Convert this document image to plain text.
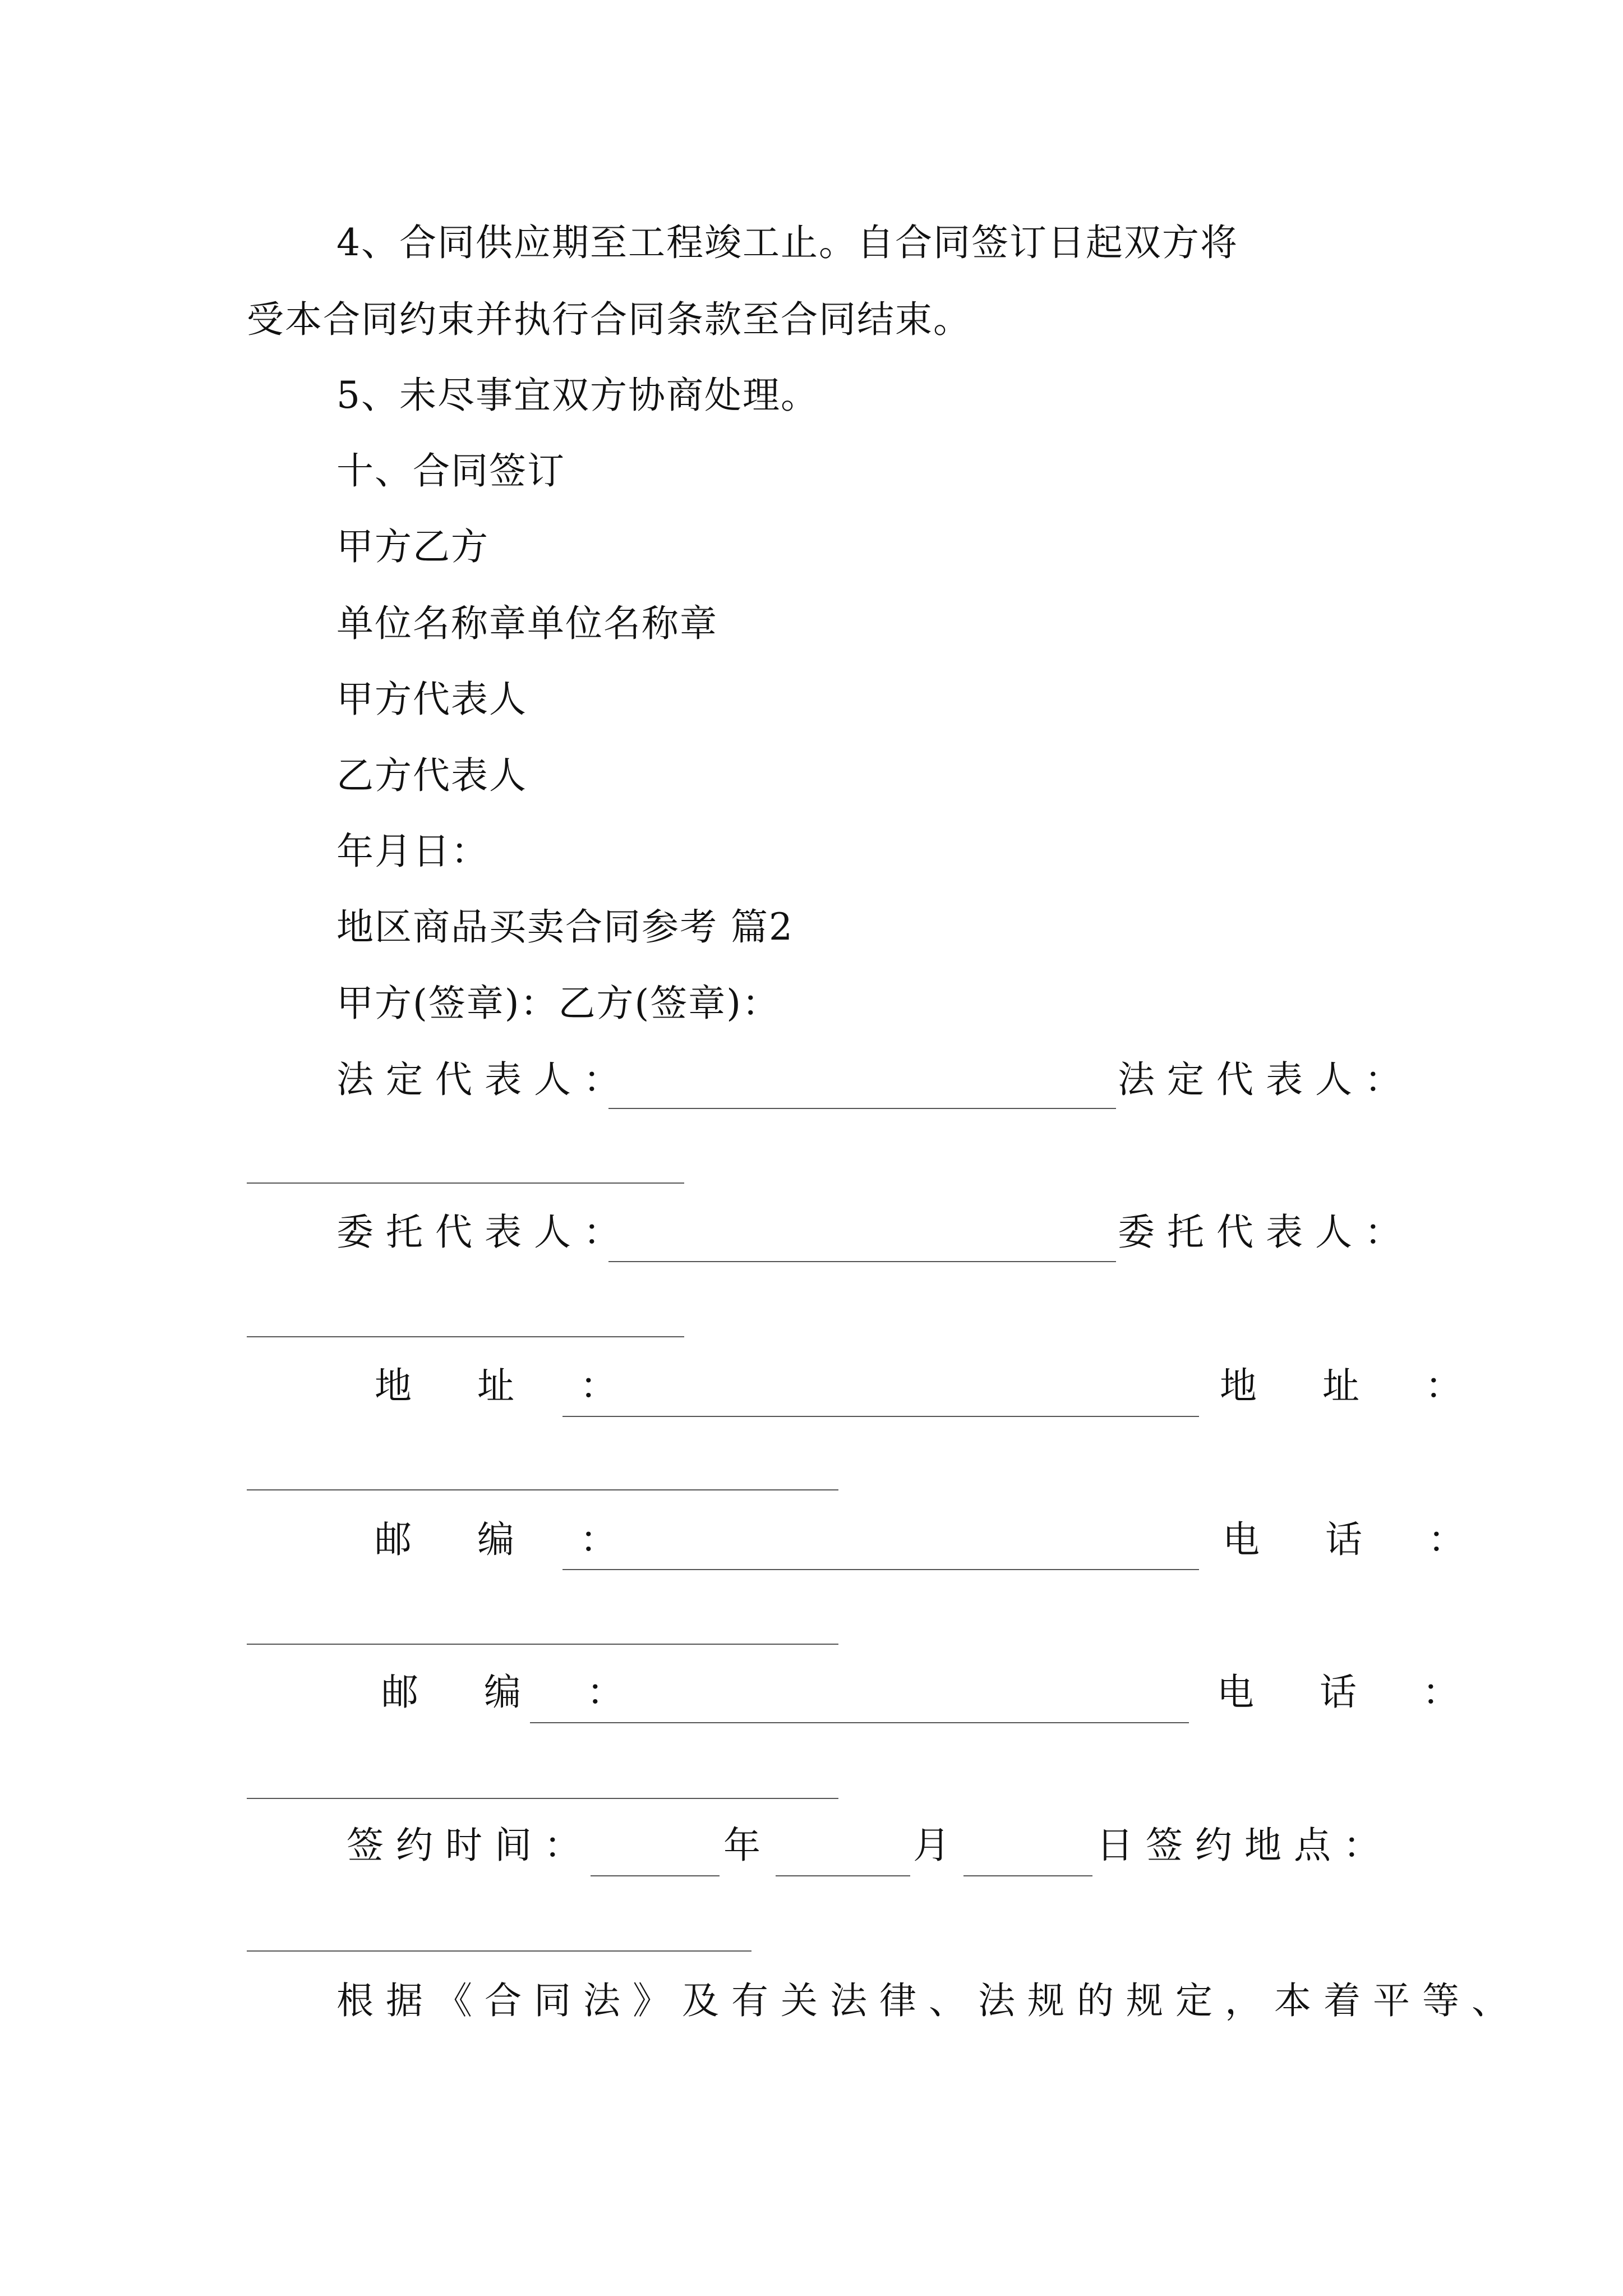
4、合同供应期至工程竣工止。自合同签订日起双方将
受本合同约束并执行合同条款至合同结束。
5、未尽事宜双方协商处理。
十、合同签订
甲方乙方
单位名称章单位名称章
甲方代表人
乙方代表人
年月日：
地区商品买卖合同参考 篇2
甲方(签章)：乙方(签章)：
法定代表人：	法定代表人：
委托代表人：	委托代表人：
地 址 ：	地 址 ：
邮 编 ：	电 话 ：
邮 编 ：	电 话 ：
签约时间：	年	月	日签约地点：
根据《合同法》及有关法律、法规的规定，本着平等、
